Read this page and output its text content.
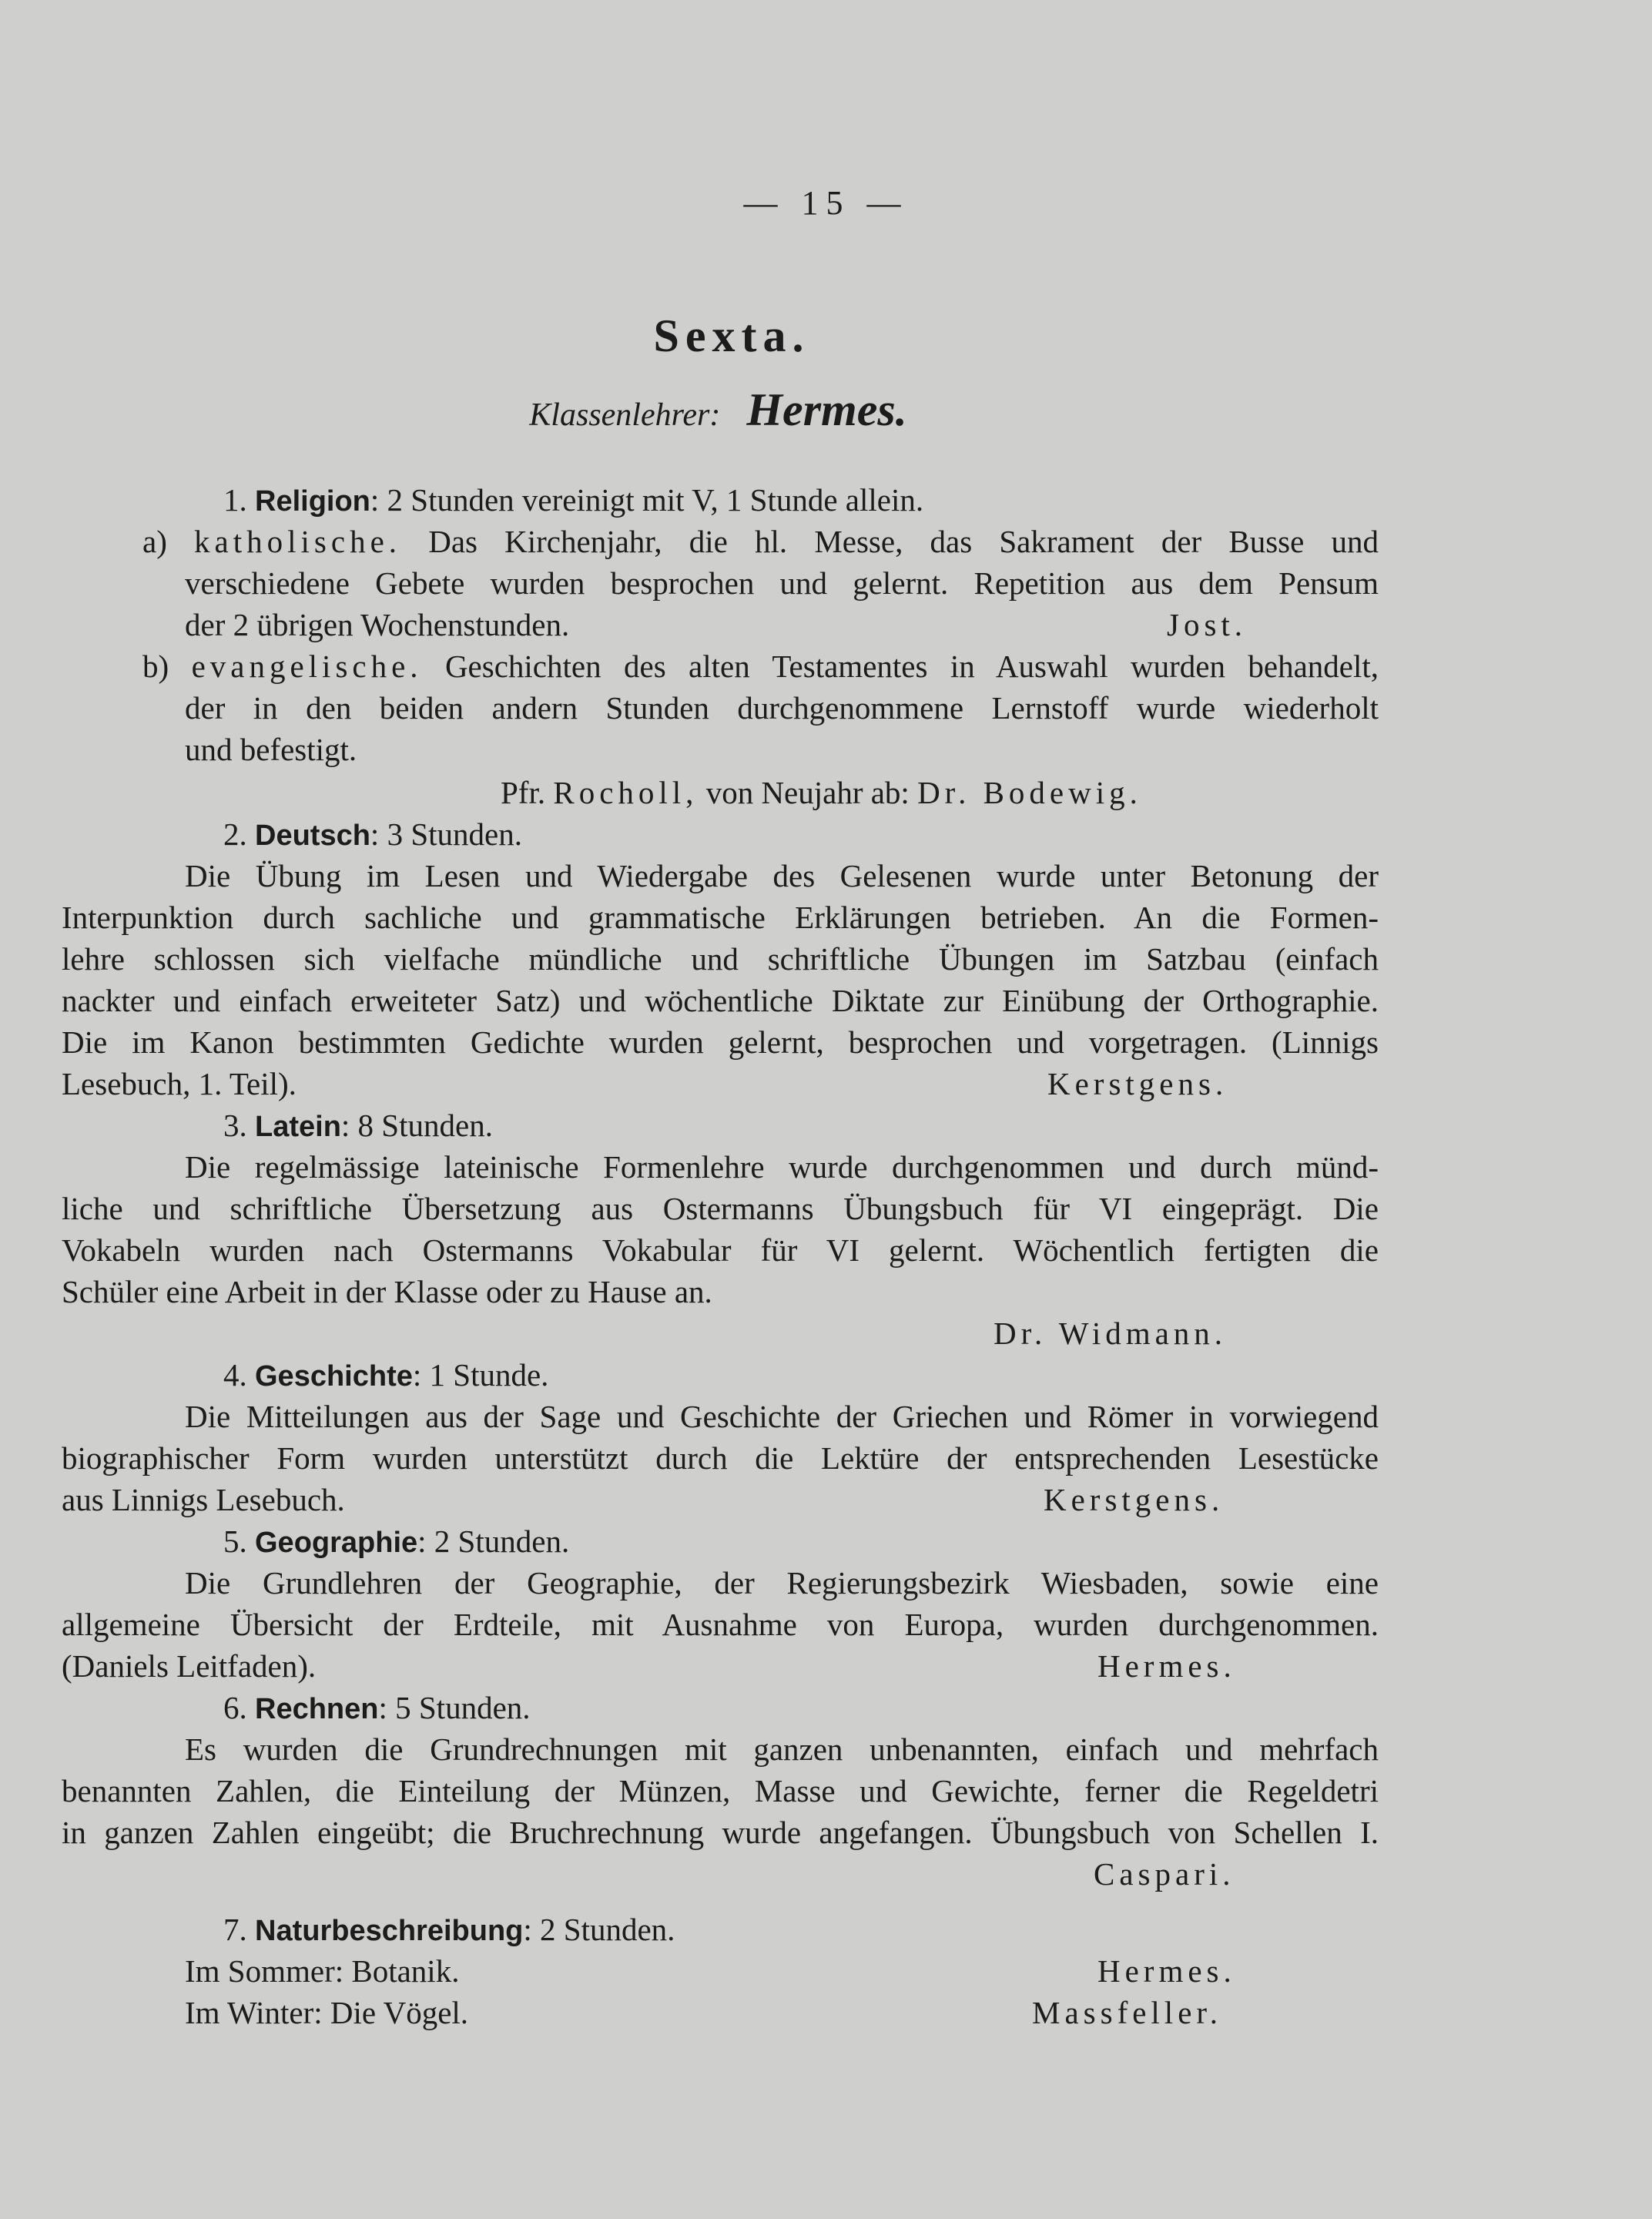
— 15 —
Sexta.
Klassenlehrer: Hermes.
1. Religion: 2 Stunden vereinigt mit V, 1 Stunde allein.
a) katholische. Das Kirchenjahr, die hl. Messe, das Sakrament der Busse und
verschiedene Gebete wurden besprochen und gelernt. Repetition aus dem Pensum
der 2 übrigen Wochenstunden.	Jost.
b) evangelische. Geschichten des alten Testamentes in Auswahl wurden behandelt,
der in den beiden andern Stunden durchgenommene Lernstoff wurde wiederholt
und befestigt.
Pfr. Rocholl, von Neujahr ab: Dr. Bodewig.
2. Deutsch: 3 Stunden.
Die Übung im Lesen und Wiedergabe des Gelesenen wurde unter Betonung der
Interpunktion durch sachliche und grammatische Erklärungen betrieben. An die Formen-
lehre schlossen sich vielfache mündliche und schriftliche Übungen im Satzbau (einfach
nackter und einfach erweiteter Satz) und wöchentliche Diktate zur Einübung der Orthographie.
Die im Kanon bestimmten Gedichte wurden gelernt, besprochen und vorgetragen. (Linnigs
Lesebuch, 1. Teil).	Kerstgens.
3. Latein: 8 Stunden.
Die regelmässige lateinische Formenlehre wurde durchgenommen und durch münd-
liche und schriftliche Übersetzung aus Ostermanns Übungsbuch für VI eingeprägt. Die
Vokabeln wurden nach Ostermanns Vokabular für VI gelernt. Wöchentlich fertigten die
Schüler eine Arbeit in der Klasse oder zu Hause an.
Dr. Widmann.
4. Geschichte: 1 Stunde.
Die Mitteilungen aus der Sage und Geschichte der Griechen und Römer in vorwiegend
biographischer Form wurden unterstützt durch die Lektüre der entsprechenden Lesestücke
aus Linnigs Lesebuch.	Kerstgens.
5. Geographie: 2 Stunden.
Die Grundlehren der Geographie, der Regierungsbezirk Wiesbaden, sowie eine
allgemeine Übersicht der Erdteile, mit Ausnahme von Europa, wurden durchgenommen.
(Daniels Leitfaden).	Hermes.
6. Rechnen: 5 Stunden.
Es wurden die Grundrechnungen mit ganzen unbenannten, einfach und mehrfach
benannten Zahlen, die Einteilung der Münzen, Masse und Gewichte, ferner die Regeldetri
in ganzen Zahlen eingeübt; die Bruchrechnung wurde angefangen. Übungsbuch von Schellen I.
Caspari.
7. Naturbeschreibung: 2 Stunden.
Im Sommer: Botanik.	Hermes.
Im Winter: Die Vögel.	Massfeller.
